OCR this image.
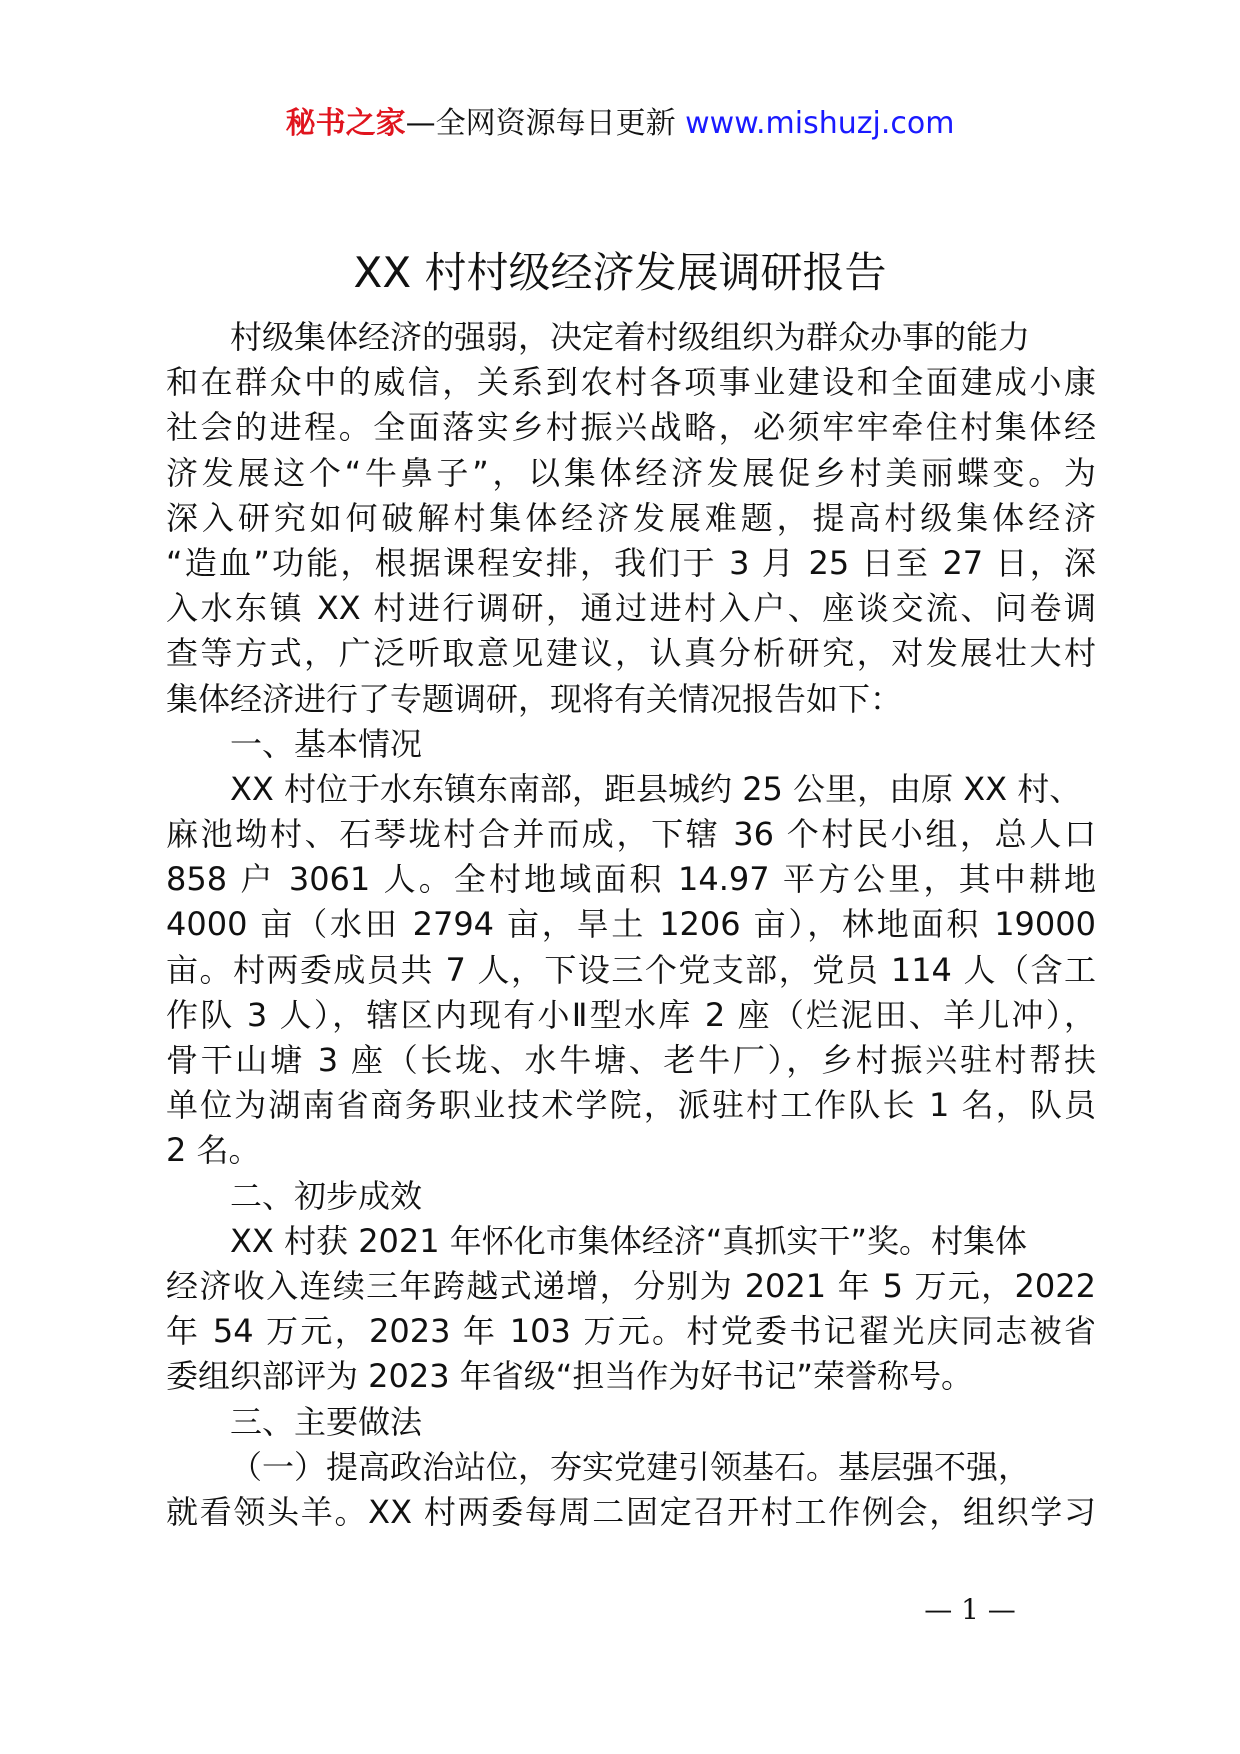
秘书之家—全网资源每日更新 www.mishuzj.com
XX 村村级经济发展调研报告
村级集体经济的强弱，决定着村级组织为群众办事的能力
和在群众中的威信，关系到农村各项事业建设和全面建成小康
社会的进程。全面落实乡村振兴战略，必须牢牢牵住村集体经
济发展这个“牛鼻子”，以集体经济发展促乡村美丽蝶变。为
深入研究如何破解村集体经济发展难题，提高村级集体经济
“造血”功能，根据课程安排，我们于 3 月 25 日至 27 日，深
入水东镇 XX 村进行调研，通过进村入户、座谈交流、问卷调
查等方式，广泛听取意见建议，认真分析研究，对发展壮大村
集体经济进行了专题调研，现将有关情况报告如下：
一、基本情况
XX 村位于水东镇东南部，距县城约 25 公里，由原 XX 村、
麻池坳村、石琴垅村合并而成，下辖 36 个村民小组，总人口
858 户 3061 人。全村地域面积 14.97 平方公里，其中耕地
4000 亩（水田 2794 亩，旱土 1206 亩），林地面积 19000
亩。村两委成员共 7 人，下设三个党支部，党员 114 人（含工
作队 3 人），辖区内现有小Ⅱ型水库 2 座（烂泥田、羊儿冲），
骨干山塘 3 座（长垅、水牛塘、老牛厂），乡村振兴驻村帮扶
单位为湖南省商务职业技术学院，派驻村工作队长 1 名，队员
2 名。
二、初步成效
XX 村获 2021 年怀化市集体经济“真抓实干”奖。村集体
经济收入连续三年跨越式递增，分别为 2021 年 5 万元，2022
年 54 万元，2023 年 103 万元。村党委书记翟光庆同志被省
委组织部评为 2023 年省级“担当作为好书记”荣誉称号。
三、主要做法
（一）提高政治站位，夯实党建引领基石。基层强不强，
就看领头羊。XX 村两委每周二固定召开村工作例会，组织学习
— 1 —
